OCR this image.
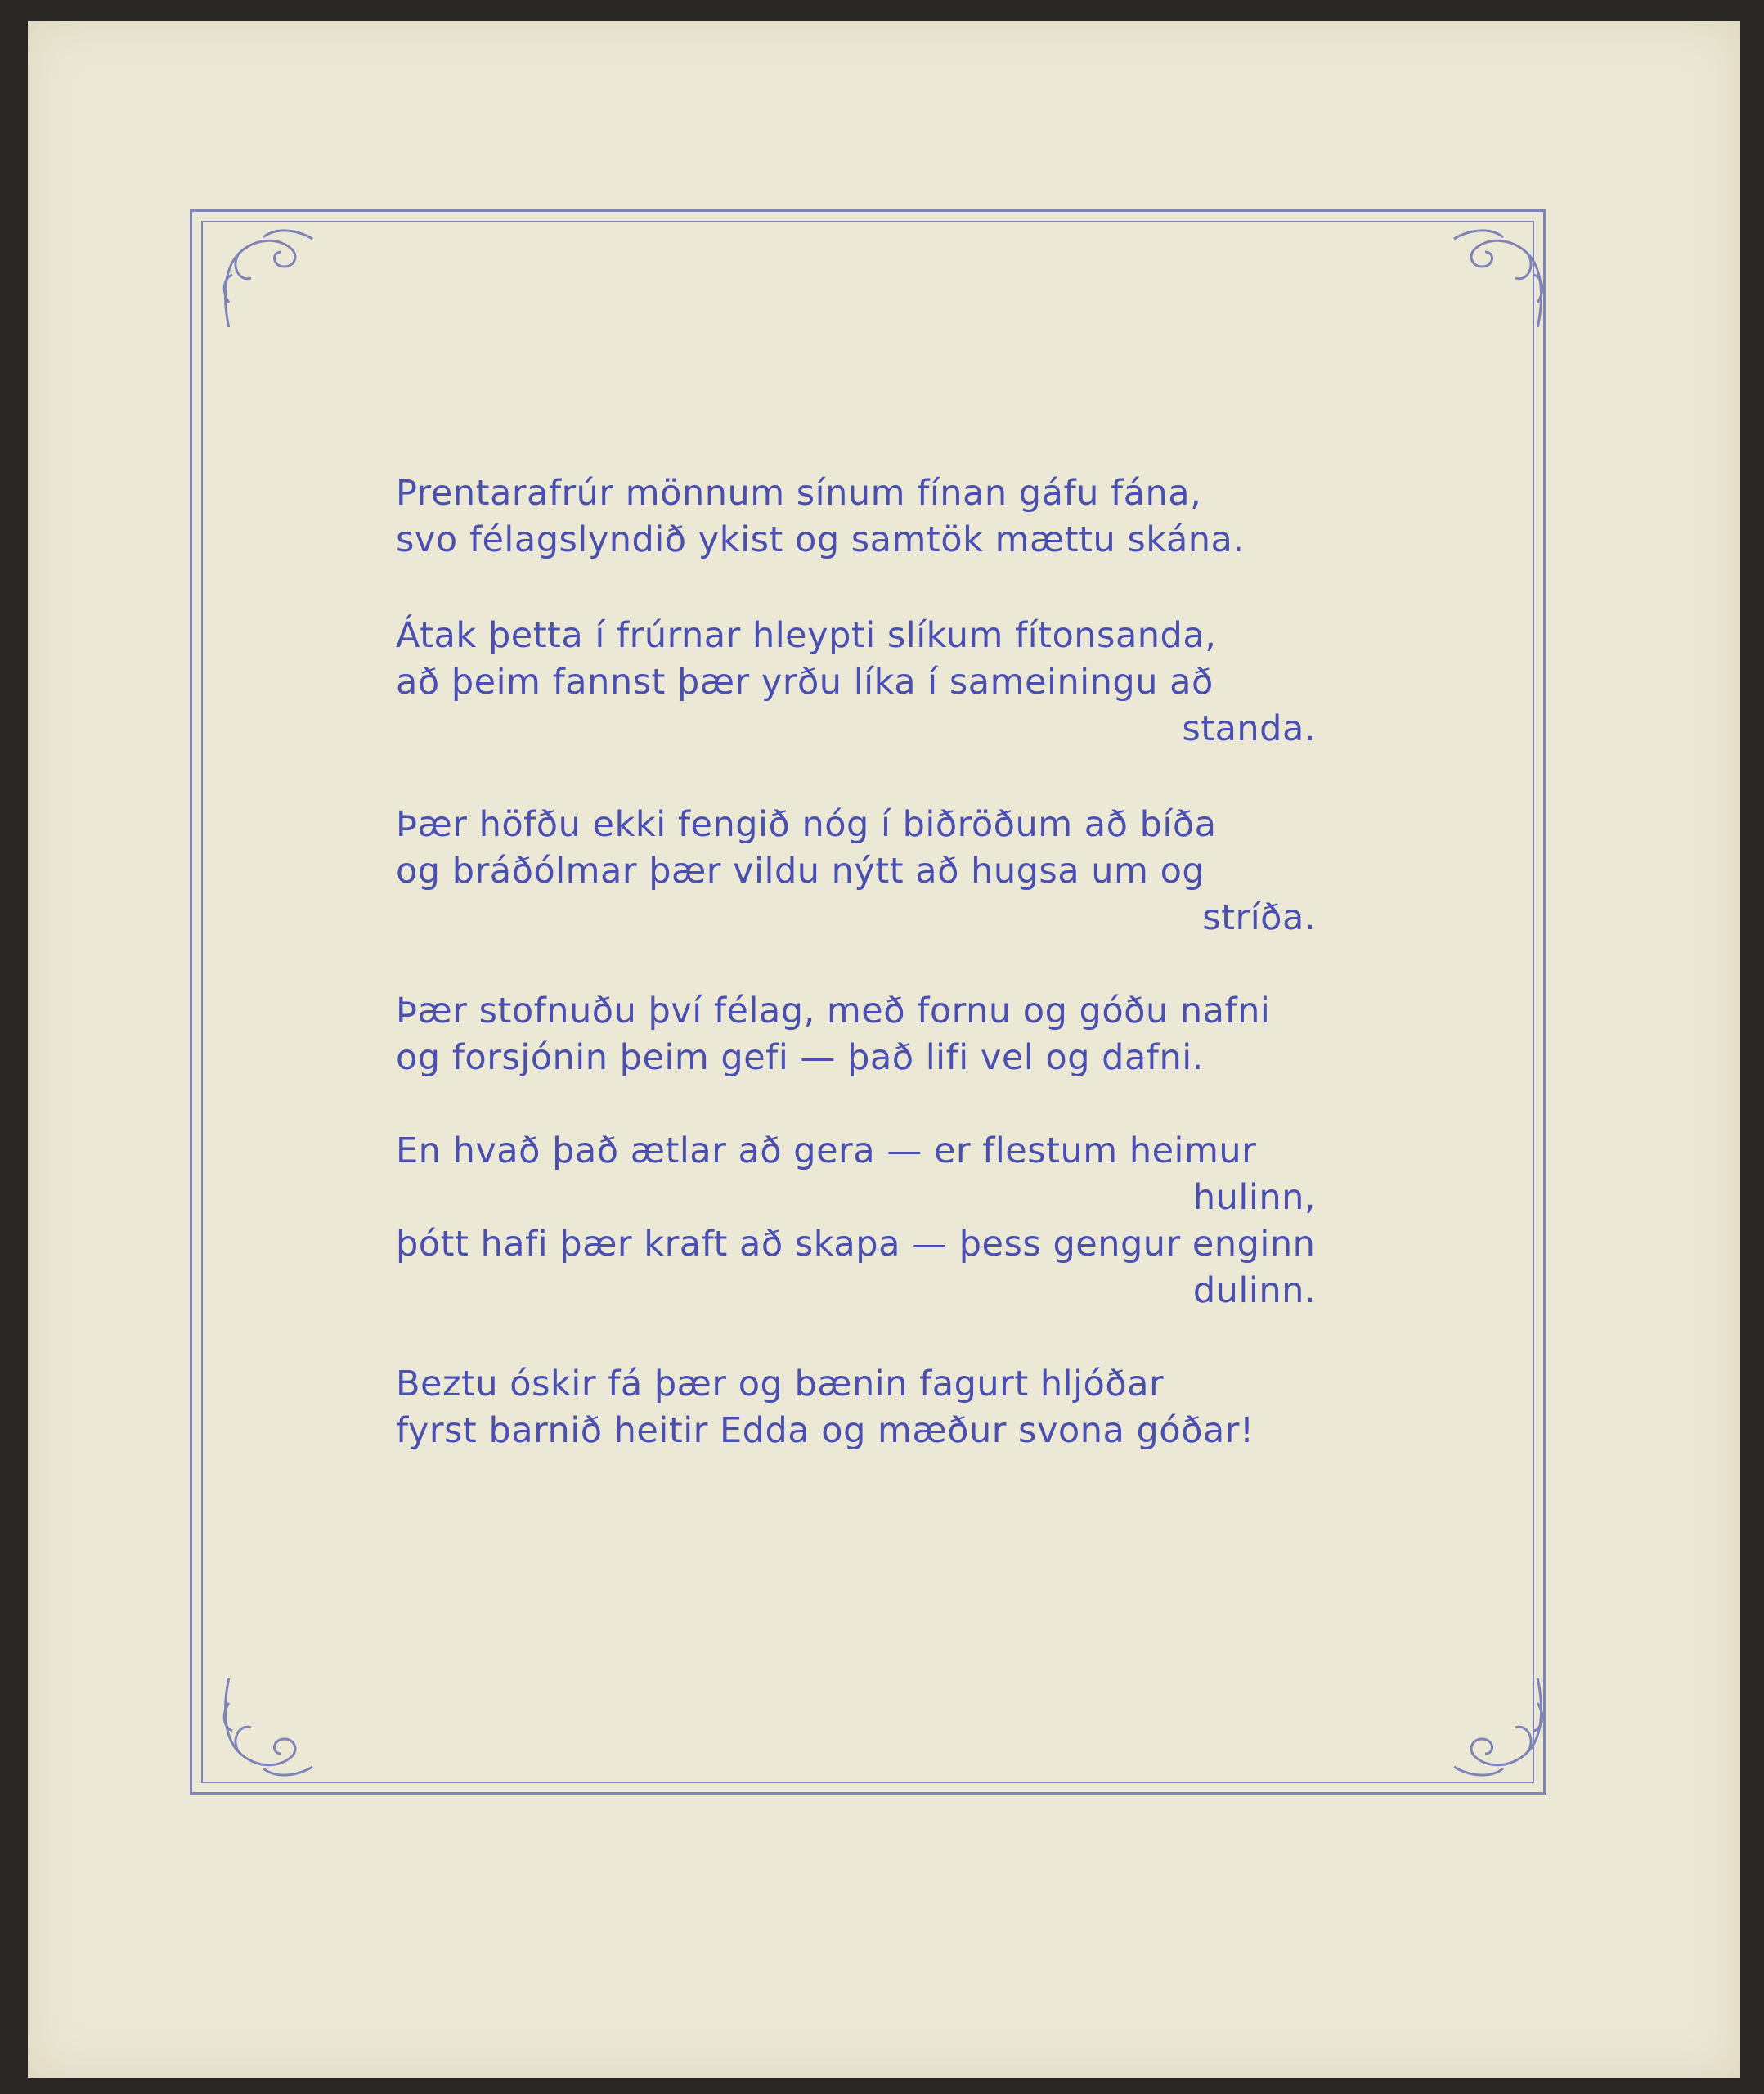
Prentarafrúr mönnum sínum fínan gáfu fána,
svo félagslyndið ykist og samtök mættu skána.
Átak þetta í frúrnar hleypti slíkum fítonsanda,
að þeim fannst þær yrðu líka í sameiningu að
standa.
Þær höfðu ekki fengið nóg í biðröðum að bíða
og bráðólmar þær vildu nýtt að hugsa um og
stríða.
Þær stofnuðu því félag, með fornu og góðu nafni
og forsjónin þeim gefi — það lifi vel og dafni.
En hvað það ætlar að gera — er flestum heimur
hulinn,
þótt hafi þær kraft að skapa — þess gengur enginn
dulinn.
Beztu óskir fá þær og bænin fagurt hljóðar
fyrst barnið heitir Edda og mæður svona góðar!
